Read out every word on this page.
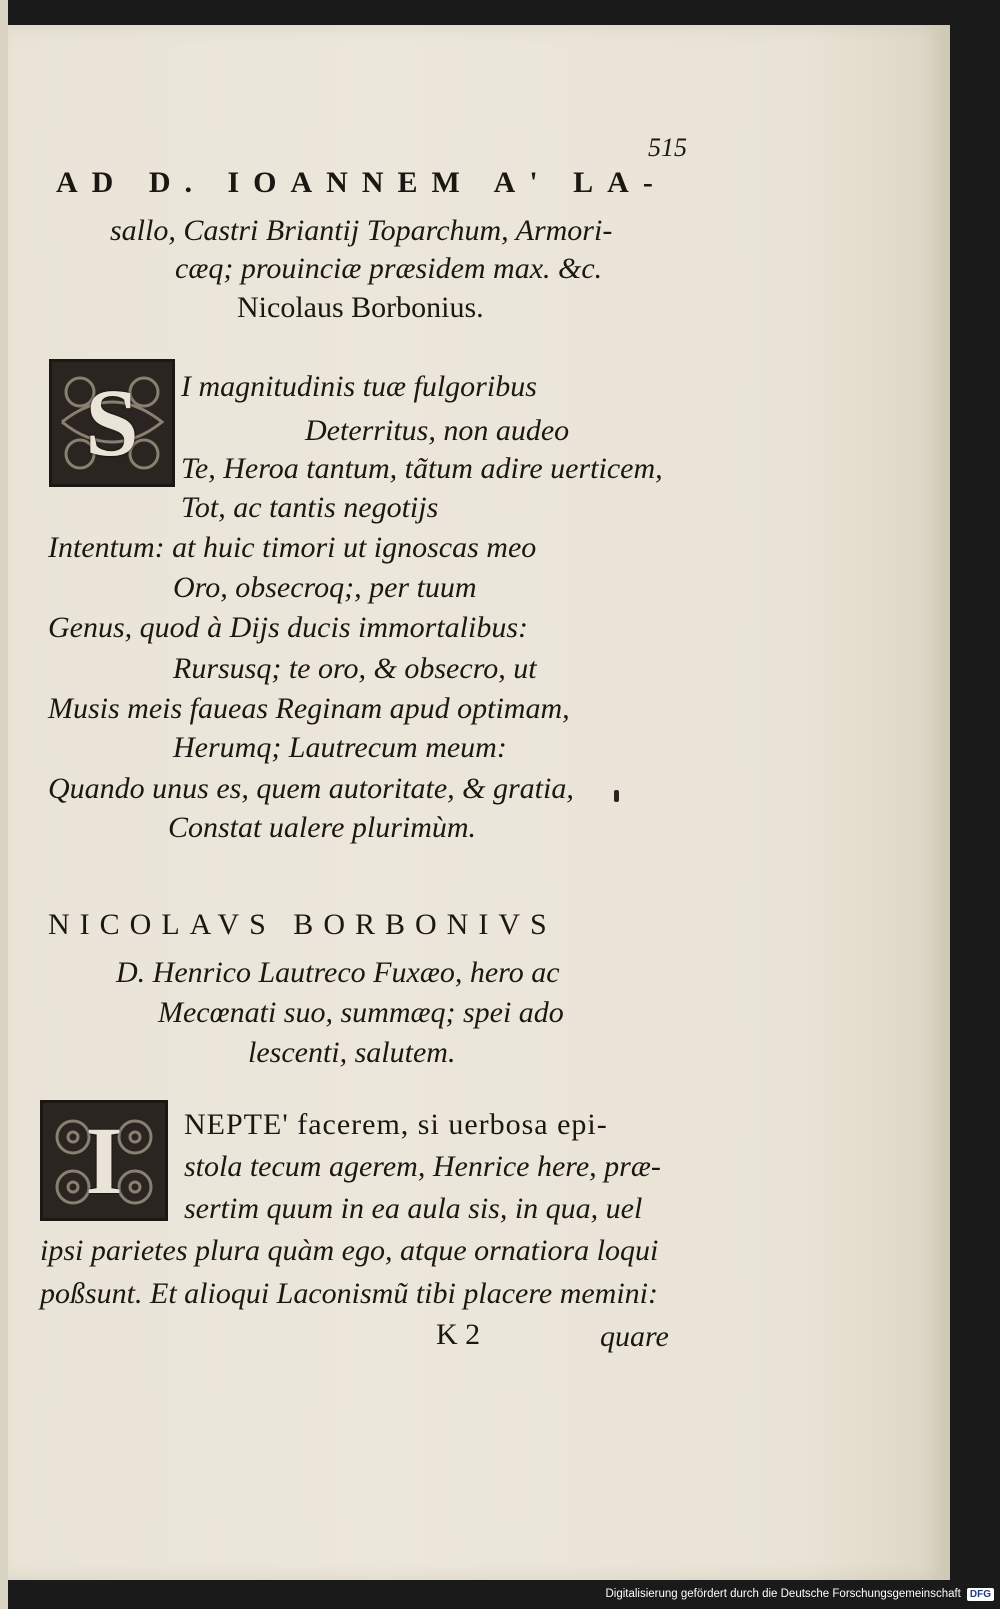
515
AD D. IOANNEM A' LA-
sallo, Castri Briantij Toparchum, Armori-
cæq; prouinciæ præsidem max. &c.
Nicolaus Borbonius.
S I magnitudinis tuæ fulgoribus
Deterritus, non audeo
Te, Heroa tantum, tãtum adire uerticem,
Tot, ac tantis negotijs
Intentum: at huic timori ut ignoscas meo
Oro, obsecroq;, per tuum
Genus, quod à Dijs ducis immortalibus:
Rursusq; te oro, & obsecro, ut
Musis meis faueas Reginam apud optimam,
Herumq; Lautrecum meum:
Quando unus es, quem autoritate, & gratia,
Constat ualere plurimùm.
NICOLAVS BORBONIVS
D. Henrico Lautreco Fuxæo, hero ac
Mecœnati suo, summæq; spei ado
lescenti, salutem.
I NEPTE' facerem, si uerbosa epi-
stola tecum agerem, Henrice here, præ-
sertim quum in ea aula sis, in qua, uel
ipsi parietes plura quàm ego, atque ornatiora loqui
poßsunt. Et alioqui Laconismũ tibi placere memini:
K 2	quare
Digitalisierung gefördert durch die Deutsche Forschungsgemeinschaft DFG
